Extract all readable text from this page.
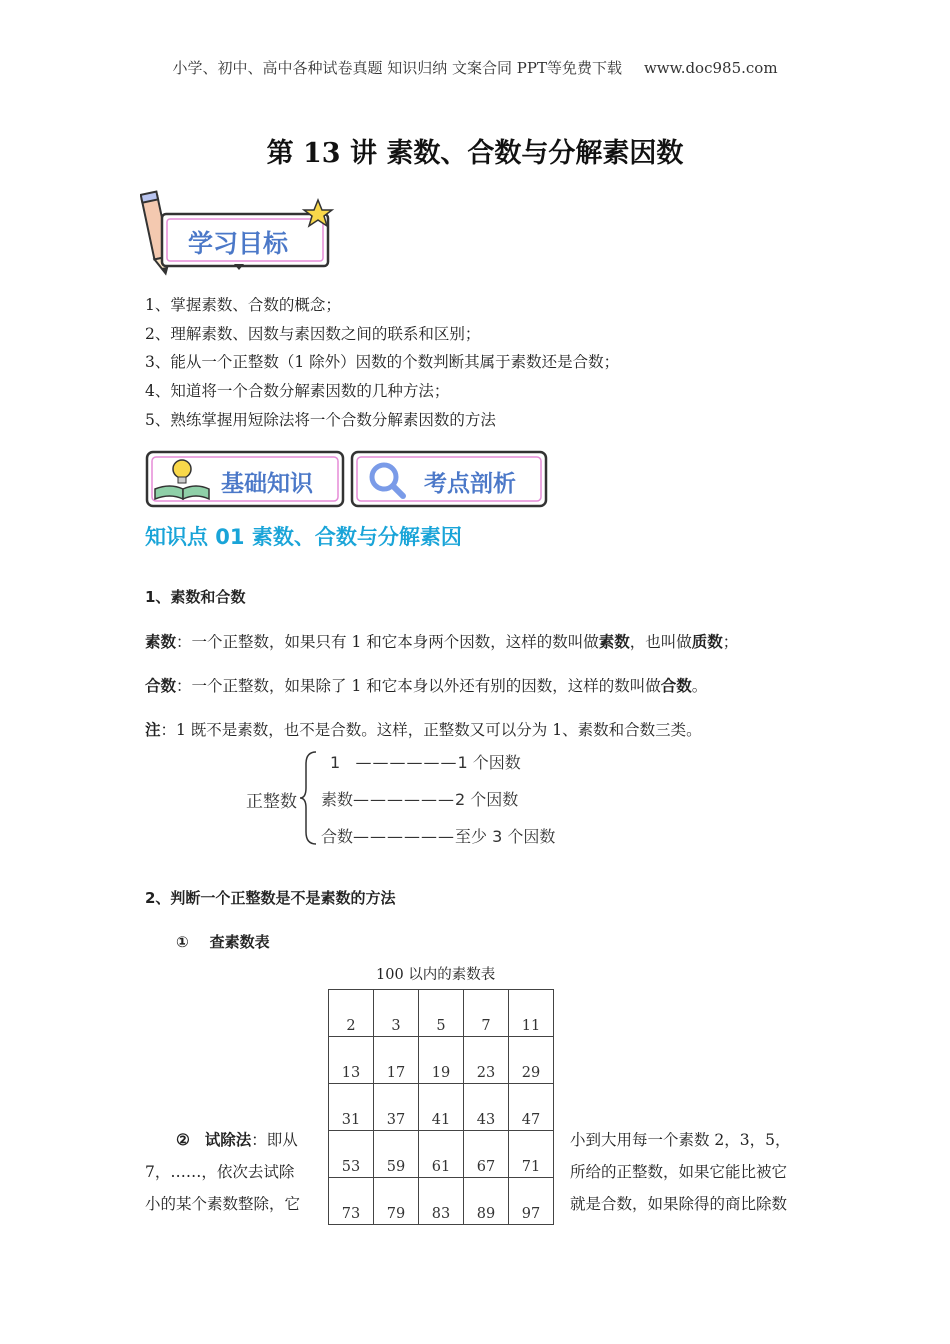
小学、初中、高中各种试卷真题 知识归纳 文案合同 PPT等免费下载 www.doc985.com
第 13 讲 素数、合数与分解素因数
学习目标
1、掌握素数、合数的概念；
2、理解素数、因数与素因数之间的联系和区别；
3、能从一个正整数（1 除外）因数的个数判断其属于素数还是合数；
4、知道将一个合数分解素因数的几种方法；
5、熟练掌握用短除法将一个合数分解素因数的方法
基础知识	考点剖析
知识点 01 素数、合数与分解素因
1、素数和合数
素数：一个正整数，如果只有 1 和它本身两个因数，这样的数叫做素数，也叫做质数；
合数：一个正整数，如果除了 1 和它本身以外还有别的因数，这样的数叫做合数。
注：1 既不是素数，也不是合数。这样，正整数又可以分为 1、素数和合数三类。
正整数
1 ——————1 个因数
素数——————2 个因数
合数——————至少 3 个因数
2、判断一个正整数是不是素数的方法
①    查素数表
100 以内的素数表
2	3	5	7	11
13	17	19	23	29
31	37	41	43	47
53	59	61	67	71
73	79	83	89	97
② 试除法：即从
7，……，依次去试除
小的某个素数整除，它
小到大用每一个素数 2，3，5，
所给的正整数，如果它能比被它
就是合数，如果除得的商比除数
